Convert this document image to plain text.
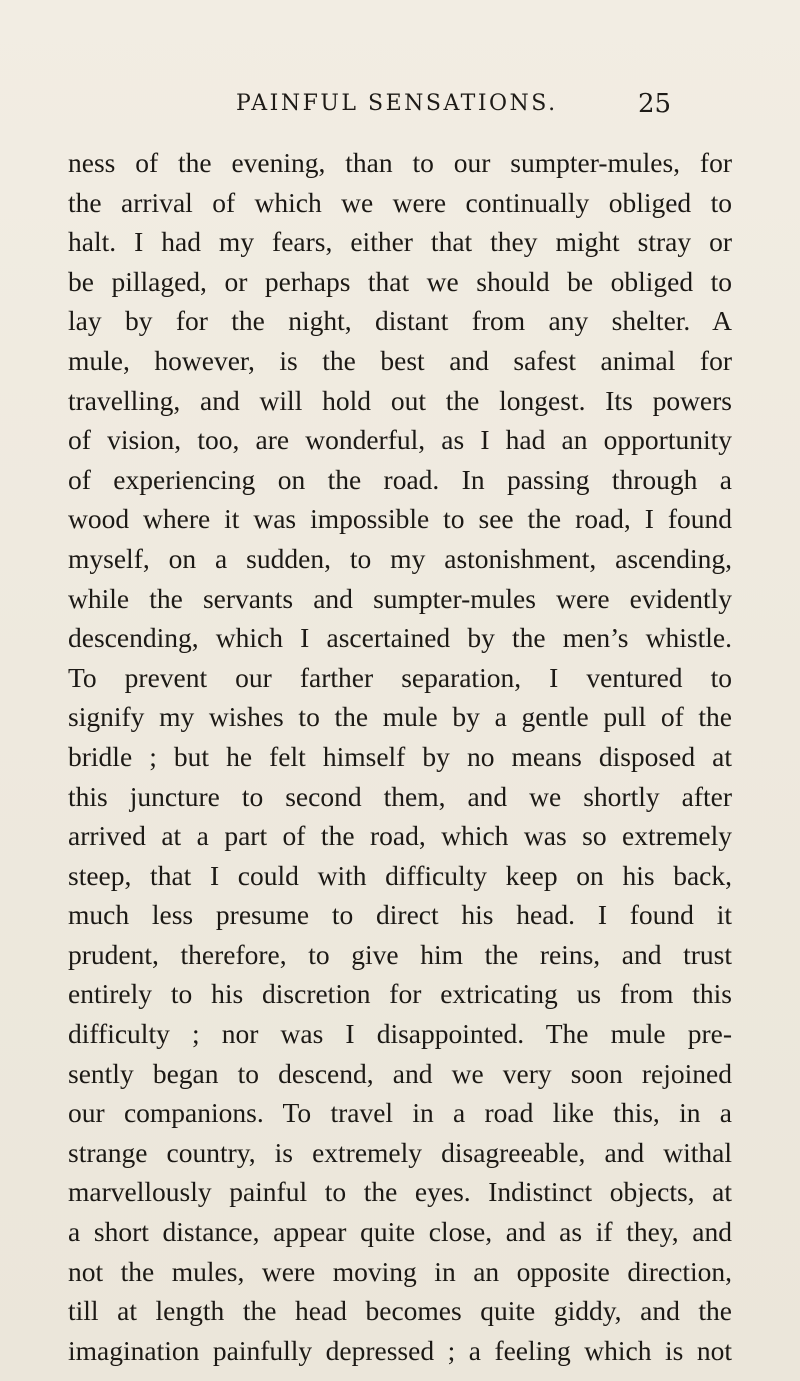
PAINFUL SENSATIONS.	25
ness of the evening, than to our sumpter-mules, for
the arrival of which we were continually obliged to
halt. I had my fears, either that they might stray or
be pillaged, or perhaps that we should be obliged to
lay by for the night, distant from any shelter. A
mule, however, is the best and safest animal for
travelling, and will hold out the longest. Its powers
of vision, too, are wonderful, as I had an opportunity
of experiencing on the road. In passing through a
wood where it was impossible to see the road, I found
myself, on a sudden, to my astonishment, ascending,
while the servants and sumpter-mules were evidently
descending, which I ascertained by the men’s whistle.
To prevent our farther separation, I ventured to
signify my wishes to the mule by a gentle pull of the
bridle ; but he felt himself by no means disposed at
this juncture to second them, and we shortly after
arrived at a part of the road, which was so extremely
steep, that I could with difficulty keep on his back,
much less presume to direct his head. I found it
prudent, therefore, to give him the reins, and trust
entirely to his discretion for extricating us from this
difficulty ; nor was I disappointed. The mule pre-
sently began to descend, and we very soon rejoined
our companions. To travel in a road like this, in a
strange country, is extremely disagreeable, and withal
marvellously painful to the eyes. Indistinct objects, at
a short distance, appear quite close, and as if they, and
not the mules, were moving in an opposite direction,
till at length the head becomes quite giddy, and the
imagination painfully depressed ; a feeling which is not
